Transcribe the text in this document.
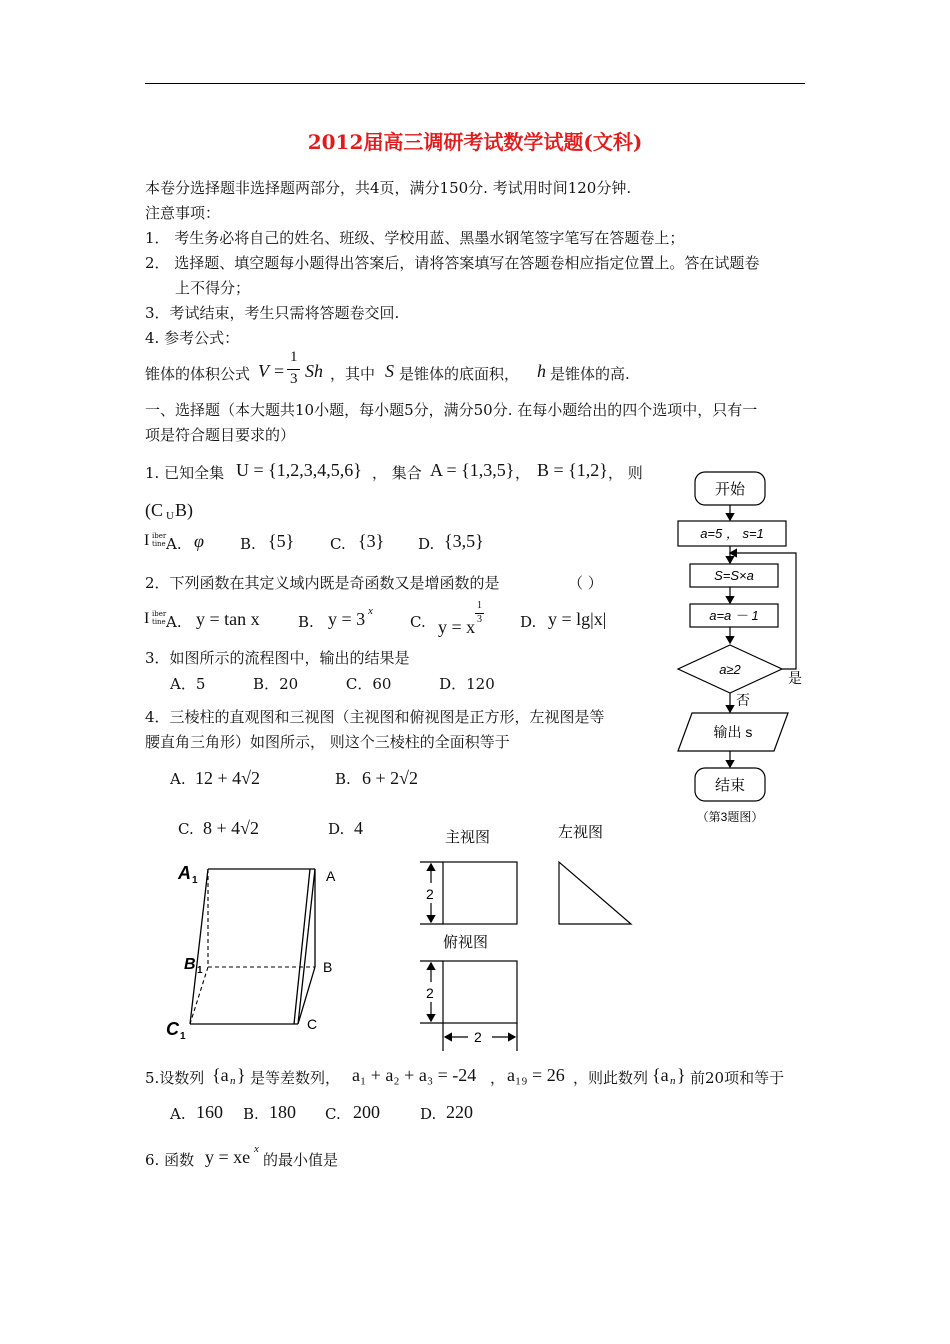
2012届高三调研考试数学试题(文科)
本卷分选择题非选择题两部分，共4页，满分150分. 考试用时间120分钟.
注意事项：
1． 考生务必将自己的姓名、班级、学校用蓝、黑墨水钢笔签字笔写在答题卷上；
2． 选择题、填空题每小题得出答案后，请将答案填写在答题卷相应指定位置上。答在试题卷
上不得分；
3．考试结束，考生只需将答题卷交回.
4. 参考公式：
锥体的体积公式 V =
1
3 Sh ，其中 S 是锥体的底面积， h 是锥体的高.
一、选择题（本大题共10小题，每小题5分，满分50分. 在每小题给出的四个选项中，只有一
项是符合题目要求的）
1. 已知全集 U = {1,2,3,4,5,6} ， 集合 A = {1,3,5} ， B = {1,2} ， 则
(C U B)
I iber
tine A. φ B. {5} C. {3} D. {3,5}
2．下列函数在其定义域内既是奇函数又是增函数的是	（ ）
I iber
tine A. y = tan x	B. y = 3 x
C. y = x
1
3	D. y = lg|x|
3．如图所示的流程图中，输出的结果是
A．5          B．20          C．60          D．120
4．三棱柱的直观图和三视图（主视图和俯视图是正方形，左视图是等
腰直角三角形）如图所示， 则这个三棱柱的全面积等于
A. 12 + 4√2	B. 6 + 2√2
C. 8 + 4√2	D. 4
开始
a=5 ， s=1
S=S×a
a=a － 1
a≥2
是
否
输出 s
结束
（第3题图）
A 1	A
B 1	B
C 1
C
主视图	左视图
2
俯视图
2
2
5.设数列 {a n } 是等差数列， a₁ + a₂ + a₃ = -24 ， a₁₉ = 26 ，则此数列 {a n } 前20项和等于
A. 160 B. 180 C. 200	D. 220
6. 函数 y = xe x
的最小值是
